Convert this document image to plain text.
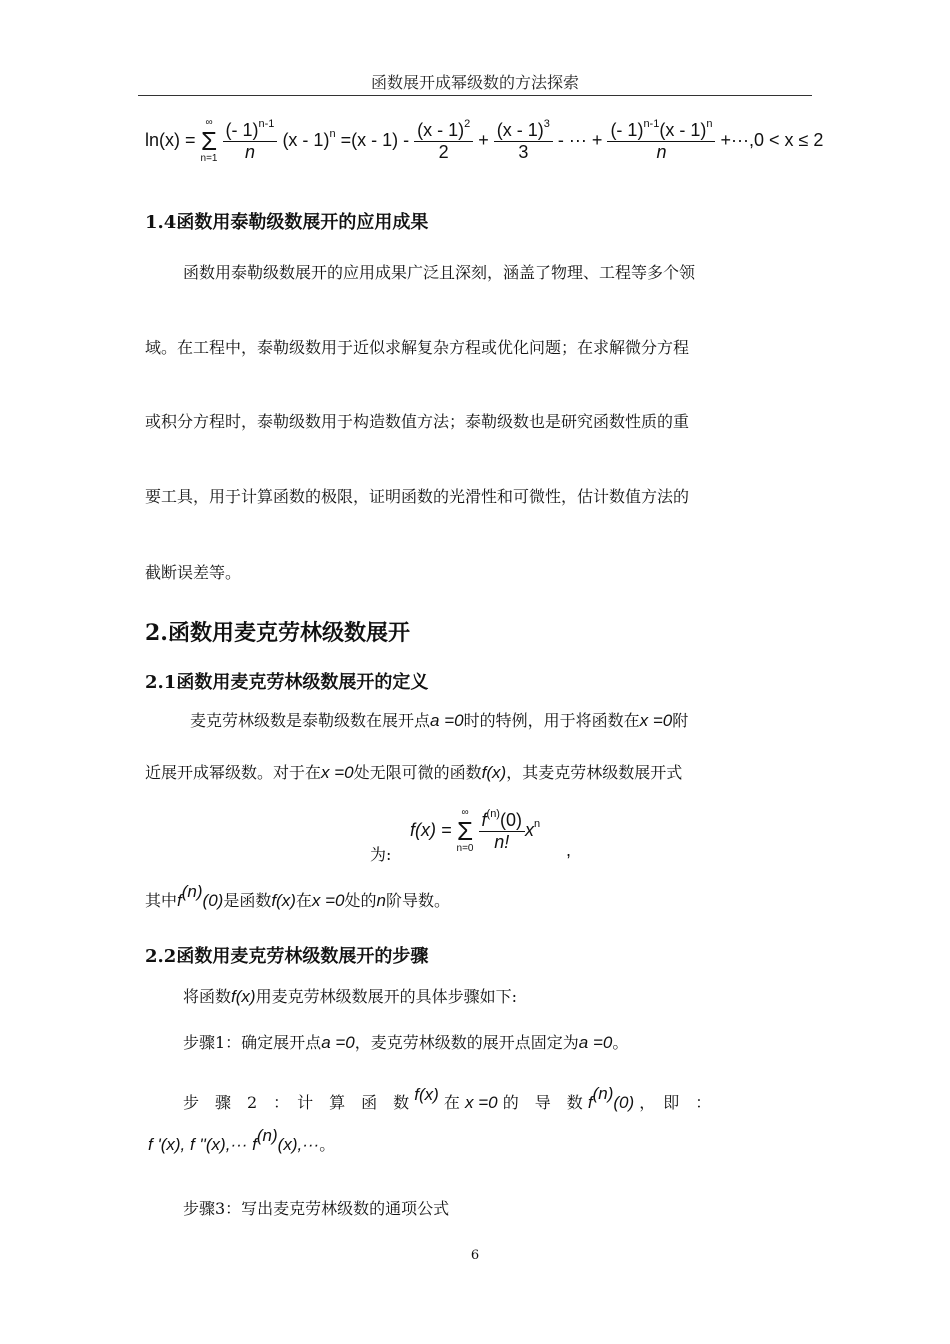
函数展开成幂级数的方法探索
ln(x) =
∞
Σ
n=1
$\frac{(- 1)^{n-1}}{n} (x - 1)^n =(x - 1) - \frac{(x - 1)^2}{2} + \frac{(x - 1)^3}{3}$ - ··· + $\frac{(- 1)^{n-1}(x - 1)^n}{n} +\cdot\cdot\cdot,0 < x \le 2$
1.4函数用泰勒级数展开的应用成果
函数用泰勒级数展开的应用成果广泛且深刻，涵盖了物理、工程等多个领
域。在工程中，泰勒级数用于近似求解复杂方程或优化问题；在求解微分方程
或积分方程时，泰勒级数用于构造数值方法；泰勒级数也是研究函数性质的重
要工具，用于计算函数的极限，证明函数的光滑性和可微性，估计数值方法的
截断误差等。
2.函数用麦克劳林级数展开
2.1函数用麦克劳林级数展开的定义
麦克劳林级数是泰勒级数在展开点a =0时的特例，用于将函数在x =0附
近展开成幂级数。对于在x =0处无限可微的函数f(x)，其麦克劳林级数展开式
为:
f(x) =
∞
Σ
n=0
$\frac{f^{(n)}(0)}{n!} x^n$
,
其中f(n)(0)是函数f(x)在x =0处的n阶导数。
2.2函数用麦克劳林级数展开的步骤
将函数f(x)用麦克劳林级数展开的具体步骤如下:
步骤1：确定展开点a =0，麦克劳林级数的展开点固定为a =0。
步　骤　2　：　计　算　函　数 f(x) 在 x =0 的　导　数 f(n)(0) ，　即　：
f '(x), f ''(x),··· f(n)(x),···。
步骤3：写出麦克劳林级数的通项公式
6
